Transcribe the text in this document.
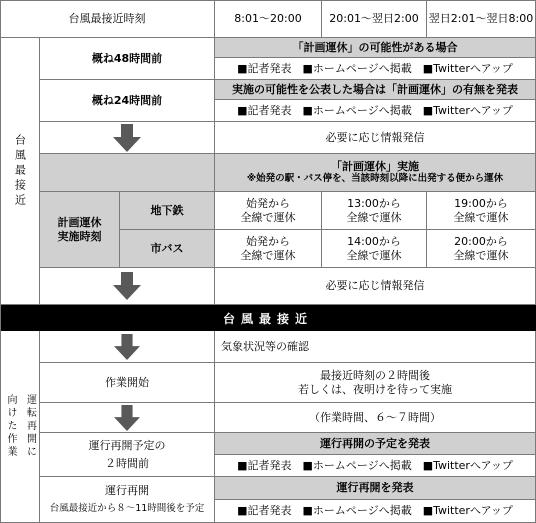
台風最接近時刻	8:01〜20:00	20:01〜翌日2:00 翌日2:01〜翌日8:00
台風最接近
概ね48時間前
「計画運休」の可能性がある場合
■記者発表　■ホームページへ掲載　■Twitterへアップ
概ね24時間前
実施の可能性を公表した場合は「計画運休」の有無を発表
■記者発表　■ホームページへ掲載　■Twitterへアップ
必要に応じ情報発信
「計画運休」実施
※始発の駅・バス停を、当該時刻以降に出発する便から運休
計画運休
実施時刻
地下鉄
始発から
全線で運休
13:00から
全線で運休
19:00から
全線で運休
市バス
始発から
全線で運休
14:00から
全線で運休
20:00から
全線で運休
必要に応じ情報発信
台風最接近
向けた作業 運転再開に
気象状況等の確認
作業開始
最接近時刻の２時間後
若しくは、夜明けを待って実施
（作業時間、６〜７時間）
運行再開予定の
２時間前
運行再開の予定を発表
■記者発表　■ホームページへ掲載　■Twitterへアップ
運行再開
台風最接近から８〜11時間後を予定
運行再開を発表
■記者発表　■ホームページへ掲載　■Twitterへアップ
